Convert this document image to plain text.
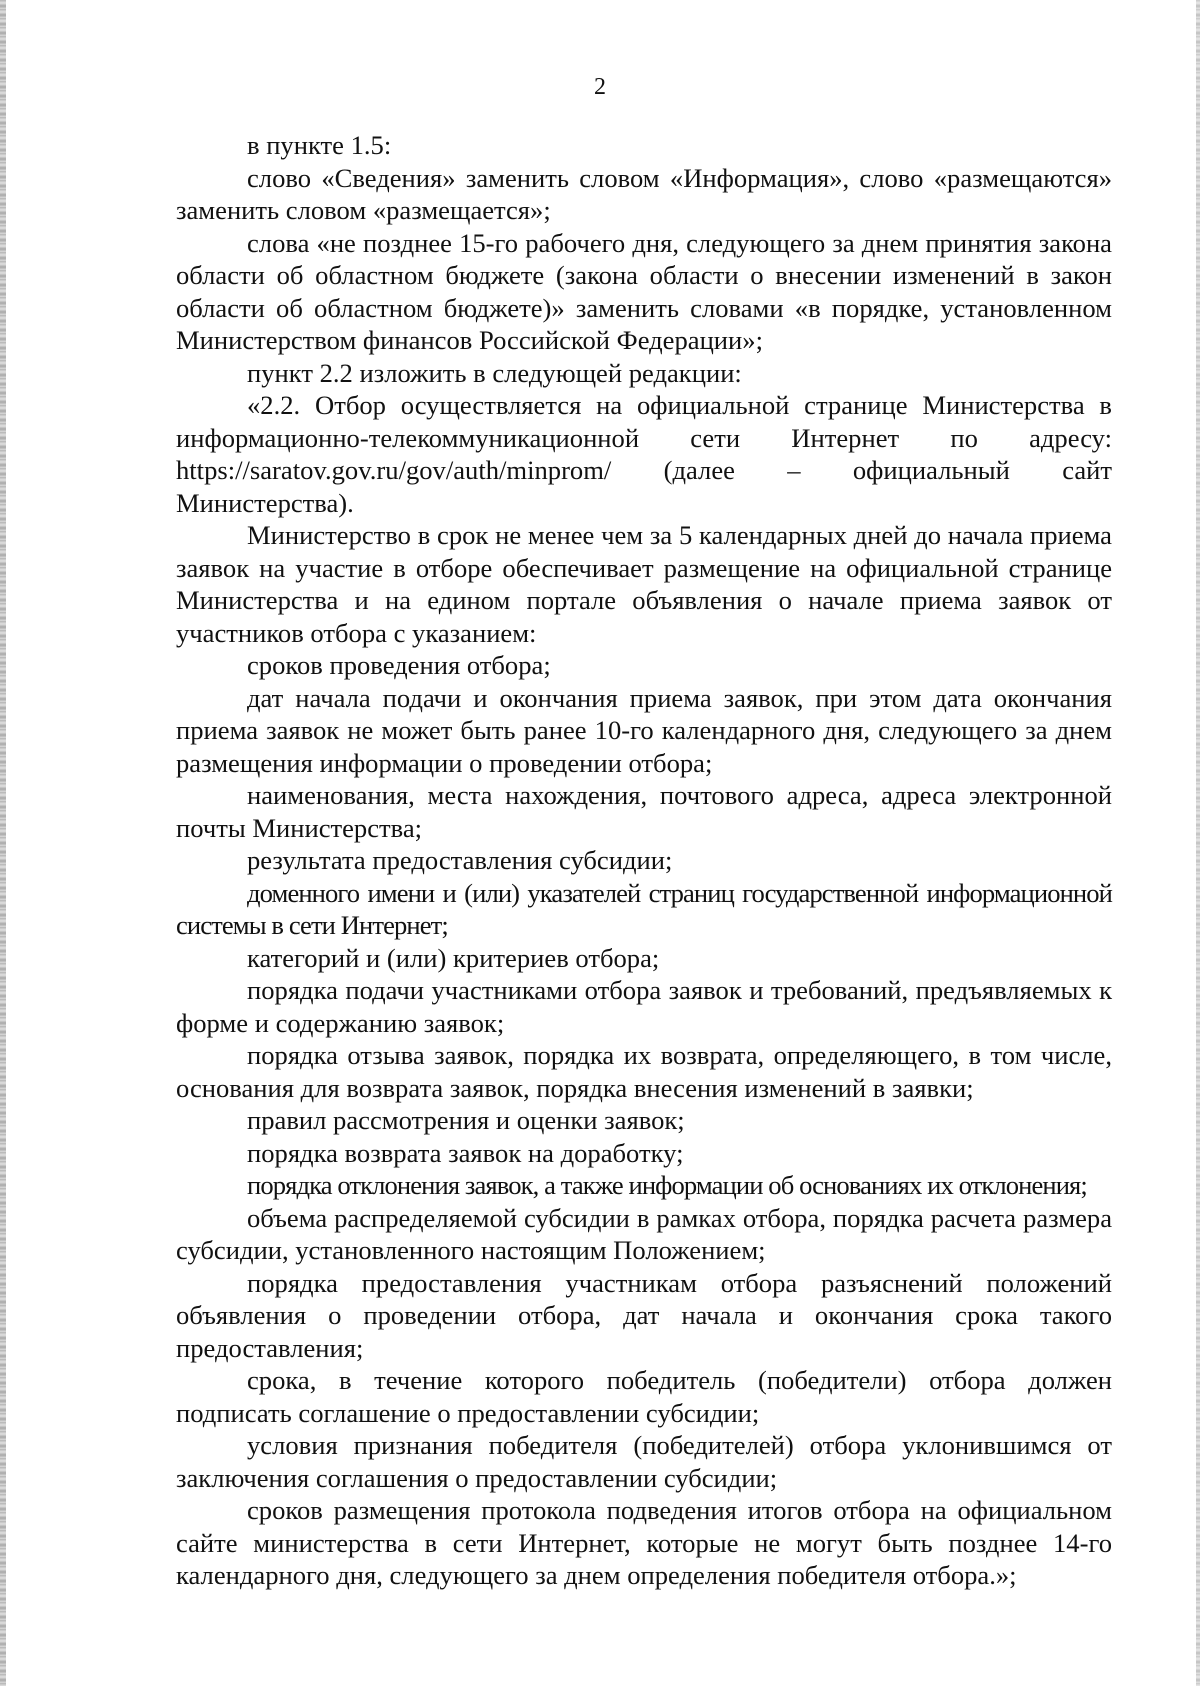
2

в пункте 1.5:

слово «Сведения» заменить словом «Информация», слово «размещаются» заменить словом «размещается»;

слова «не позднее 15-го рабочего дня, следующего за днем принятия закона области об областном бюджете (закона области о внесении изменений в закон области об областном бюджете)» заменить словами «в порядке, установленном Министерством финансов Российской Федерации»;

пункт 2.2 изложить в следующей редакции:

«2.2. Отбор осуществляется на официальной странице Министерства в информационно-телекоммуникационной сети Интернет по адресу: https://saratov.gov.ru/gov/auth/minprom/ (далее – официальный сайт Министерства).

Министерство в срок не менее чем за 5 календарных дней до начала приема заявок на участие в отборе обеспечивает размещение на официальной странице Министерства и на едином портале объявления о начале приема заявок от участников отбора с указанием:

сроков проведения отбора;

дат начала подачи и окончания приема заявок, при этом дата окончания приема заявок не может быть ранее 10-го календарного дня, следующего за днем размещения информации о проведении отбора;

наименования, места нахождения, почтового адреса, адреса электронной почты Министерства;

результата предоставления субсидии;

доменного имени и (или) указателей страниц государственной информационной системы в сети Интернет;

категорий и (или) критериев отбора;

порядка подачи участниками отбора заявок и требований, предъявляемых к форме и содержанию заявок;

порядка отзыва заявок, порядка их возврата, определяющего, в том числе, основания для возврата заявок, порядка внесения изменений в заявки;

правил рассмотрения и оценки заявок;

порядка возврата заявок на доработку;

порядка отклонения заявок, а также информации об основаниях их отклонения;

объема распределяемой субсидии в рамках отбора, порядка расчета размера субсидии, установленного настоящим Положением;

порядка предоставления участникам отбора разъяснений положений объявления о проведении отбора, дат начала и окончания срока такого предоставления;

срока, в течение которого победитель (победители) отбора должен подписать соглашение о предоставлении субсидии;

условия признания победителя (победителей) отбора уклонившимся от заключения соглашения о предоставлении субсидии;

сроков размещения протокола подведения итогов отбора на официальном сайте министерства в сети Интернет, которые не могут быть позднее 14-го календарного дня, следующего за днем определения победителя отбора.»;
